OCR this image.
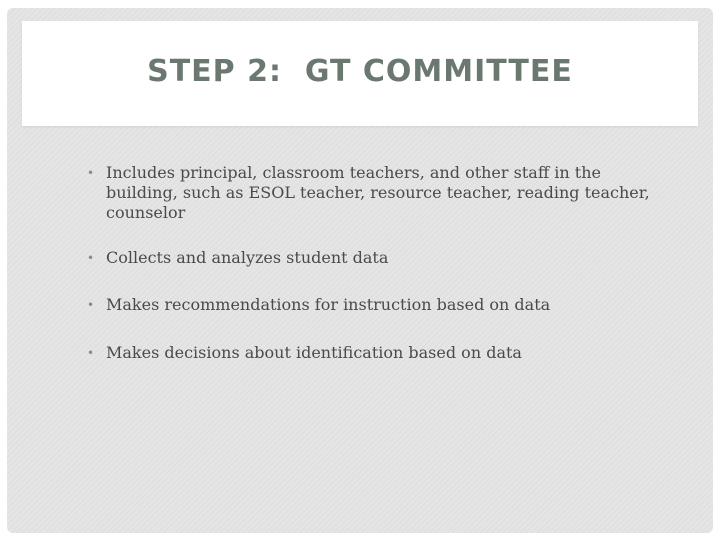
STEP 2:  GT COMMITTEE
• Includes principal, classroom teachers, and other staff in the building, such as ESOL teacher, resource teacher, reading teacher, counselor
• Collects and analyzes student data
• Makes recommendations for instruction based on data
• Makes decisions about identification based on data
